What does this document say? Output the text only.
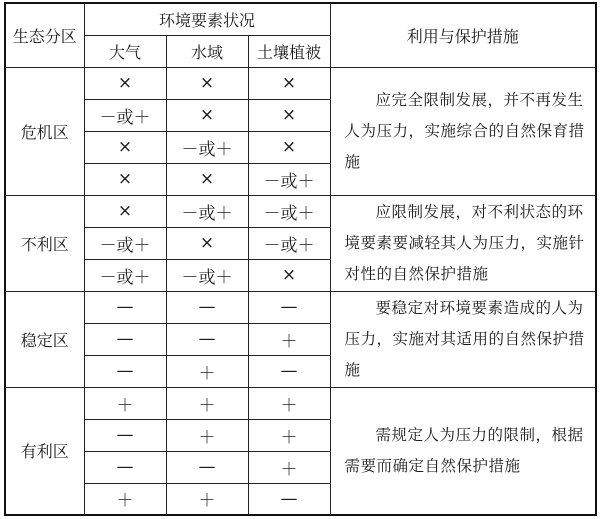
生态分区	环境要素状况			利用与保护措施
	大气	水域	土壤植被	
危机区	×	×	×	应完全限制发展，并不再发生人为压力，实施综合的自然保育措施
	－或＋	×	×	
	×	－或＋	×	
	×	×	－或＋	
不利区	×	－或＋	－或＋	应限制发展，对不利状态的环境要素要减轻其人为压力，实施针对性的自然保护措施
	－或＋	×	－或＋	
	－或＋	－或＋	×	
稳定区	—	—	—	要稳定对环境要素造成的人为压力，实施对其适用的自然保护措施
	—	—	＋	
	—	＋	—	
有利区	＋	＋	＋	需规定人为压力的限制，根据需要而确定自然保护措施
	—	＋	＋	
	—	—	＋	
	＋	＋	—	
